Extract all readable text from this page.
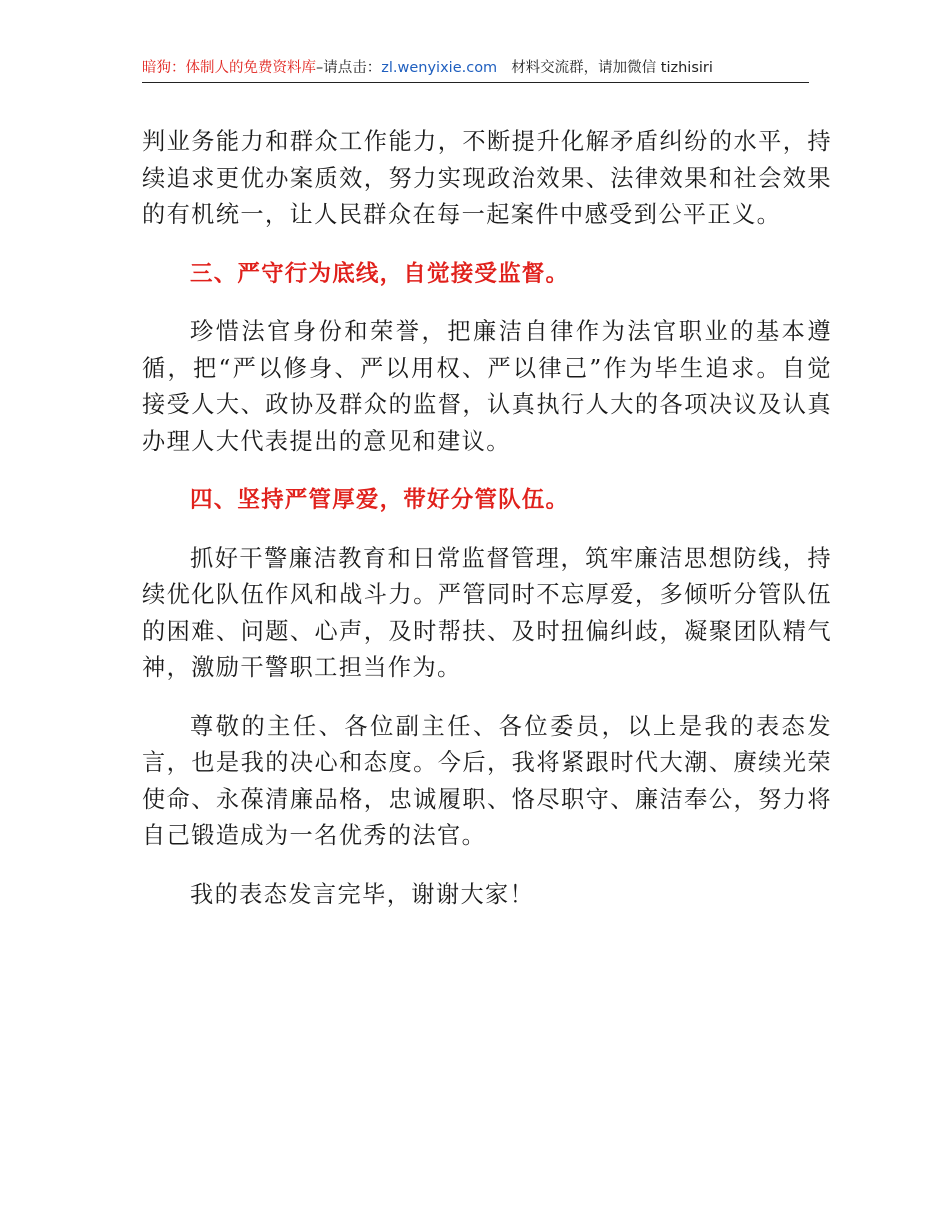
暗狗：体制人的免费资料库–请点击：zl.wenyixie.com 材料交流群，请加微信 tizhisiri

判业务能力和群众工作能力，不断提升化解矛盾纠纷的水平，持续追求更优办案质效，努力实现政治效果、法律效果和社会效果的有机统一，让人民群众在每一起案件中感受到公平正义。

三、严守行为底线，自觉接受监督。

珍惜法官身份和荣誉，把廉洁自律作为法官职业的基本遵循，把“严以修身、严以用权、严以律己”作为毕生追求。自觉接受人大、政协及群众的监督，认真执行人大的各项决议及认真办理人大代表提出的意见和建议。

四、坚持严管厚爱，带好分管队伍。

抓好干警廉洁教育和日常监督管理，筑牢廉洁思想防线，持续优化队伍作风和战斗力。严管同时不忘厚爱，多倾听分管队伍的困难、问题、心声，及时帮扶、及时扭偏纠歧，凝聚团队精气神，激励干警职工担当作为。

尊敬的主任、各位副主任、各位委员，以上是我的表态发言，也是我的决心和态度。今后，我将紧跟时代大潮、赓续光荣使命、永葆清廉品格，忠诚履职、恪尽职守、廉洁奉公，努力将自己锻造成为一名优秀的法官。

我的表态发言完毕，谢谢大家！
